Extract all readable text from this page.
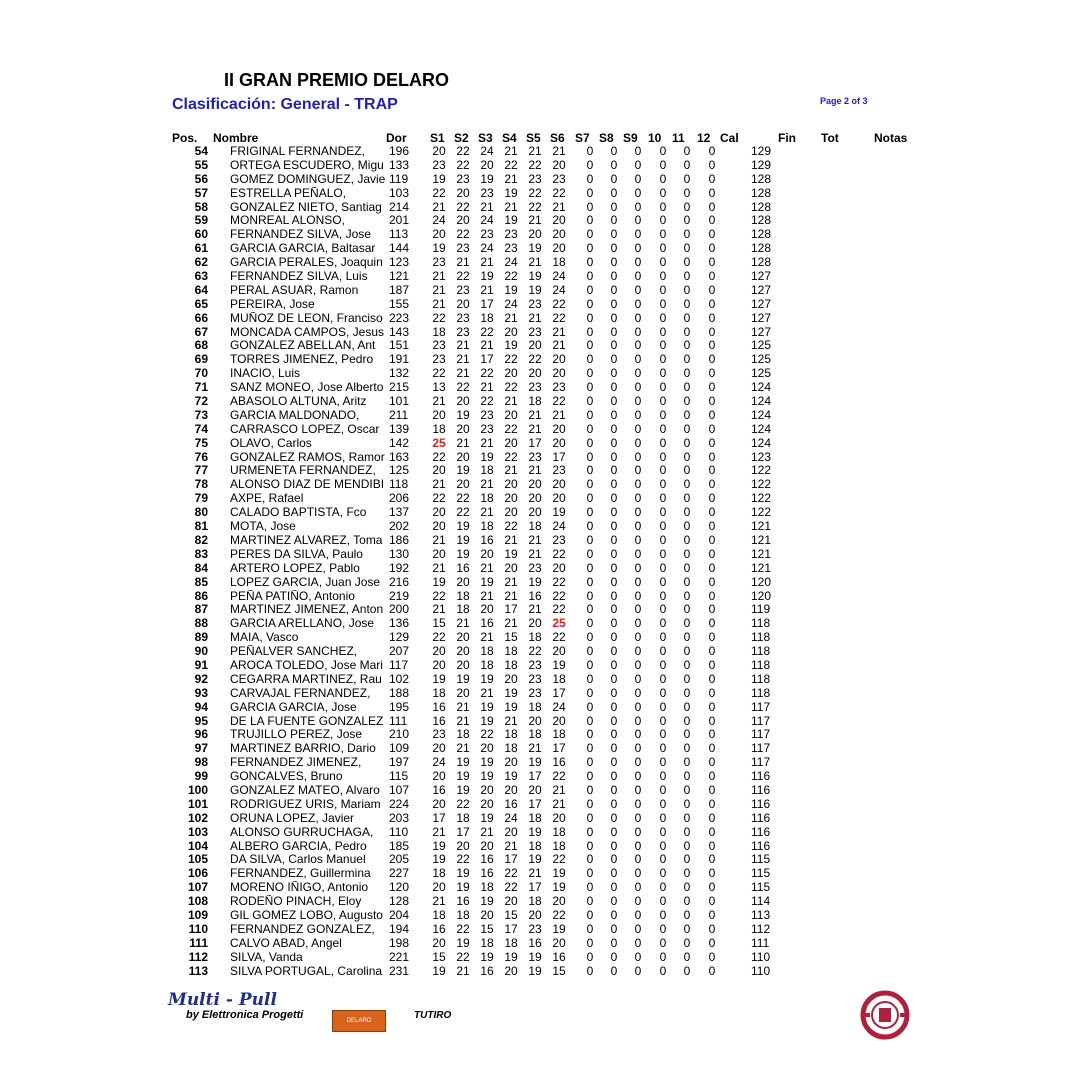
II GRAN PREMIO DELARO
Clasificación: General - TRAP	Page 2 of 3
Pos. Nombre	Dor S1 S2 S3 S4 S5 S6 S7 S8 S9 10 11 12 Cal	Fin Tot	Notas
54 FRIGINAL FERNANDEZ,	196 20 22 24 21 21 21	0	0	0	0	0	0	129
55 ORTEGA ESCUDERO, Migu 133 23 22 20 22 22 20	0	0	0	0	0	0	129
56 GOMEZ DOMINGUEZ, Javie 119 19 23 19 21 23 23	0	0	0	0	0	0	128
57 ESTRELLA PEÑALO,	103 22 20 23 19 22 22	0	0	0	0	0	0	128
58 GONZALEZ NIETO, Santiag 214 21 22 21 21 22 21	0	0	0	0	0	0	128
59 MONREAL ALONSO,	201 24 20 24 19 21 20	0	0	0	0	0	0	128
60 FERNANDEZ SILVA, Jose	113 20 22 23 23 20 20	0	0	0	0	0	0	128
61 GARCIA GARCIA, Baltasar	144 19 23 24 23 19 20	0	0	0	0	0	0	128
62 GARCIA PERALES, Joaquin 123 23 21 21 24 21 18	0	0	0	0	0	0	128
63 FERNANDEZ SILVA, Luis	121 21 22 19 22 19 24	0	0	0	0	0	0	127
64 PERAL ASUAR, Ramon	187 21 23 21 19 19 24	0	0	0	0	0	0	127
65 PEREIRA, Jose	155 21 20 17 24 23 22	0	0	0	0	0	0	127
66 MUÑOZ DE LEON, Franciso 223 22 23 18 21 21 22	0	0	0	0	0	0	127
67 MONCADA CAMPOS, Jesus 143 18 23 22 20 23 21	0	0	0	0	0	0	127
68 GONZALEZ ABELLAN, Ant	151 23 21 21 19 20 21	0	0	0	0	0	0	125
69 TORRES JIMENEZ, Pedro	191 23 21 17 22 22 20	0	0	0	0	0	0	125
70 INACIO, Luis	132 22 21 22 20 20 20	0	0	0	0	0	0	125
71 SANZ MONEO, Jose Alberto 215 13 22 21 22 23 23	0	0	0	0	0	0	124
72 ABASOLO ALTUNA, Aritz	101 21 20 22 21 18 22	0	0	0	0	0	0	124
73 GARCIA MALDONADO,	211 20 19 23 20 21 21	0	0	0	0	0	0	124
74 CARRASCO LOPEZ, Oscar 139 18 20 23 22 21 20	0	0	0	0	0	0	124
75 OLAVO, Carlos	142 25 21 21 20 17 20	0	0	0	0	0	0	124
76 GONZALEZ RAMOS, Ramor 163 22 20 19 22 23 17	0	0	0	0	0	0	123
77 URMENETA FERNANDEZ,	125 20 19 18 21 21 23	0	0	0	0	0	0	122
78 ALONSO DIAZ DE MENDIBI 118 21 20 21 20 20 20	0	0	0	0	0	0	122
79 AXPE, Rafael	206 22 22 18 20 20 20	0	0	0	0	0	0	122
80 CALADO BAPTISTA, Fco	137 20 22 21 20 20 19	0	0	0	0	0	0	122
81 MOTA, Jose	202 20 19 18 22 18 24	0	0	0	0	0	0	121
82 MARTINEZ ALVAREZ, Toma 186 21 19 16 21 21 23	0	0	0	0	0	0	121
83 PERES DA SILVA, Paulo	130 20 19 20 19 21 22	0	0	0	0	0	0	121
84 ARTERO LOPEZ, Pablo	192 21 16 21 20 23 20	0	0	0	0	0	0	121
85 LOPEZ GARCIA, Juan Jose 216 19 20 19 21 19 22	0	0	0	0	0	0	120
86 PEÑA PATIÑO, Antonio	219 22 18 21 21 16 22	0	0	0	0	0	0	120
87 MARTINEZ JIMENEZ, Anton 200 21 18 20 17 21 22	0	0	0	0	0	0	119
88 GARCIA ARELLANO, Jose	136 15 21 16 21 20 25	0	0	0	0	0	0	118
89 MAIA, Vasco	129 22 20 21 15 18 22	0	0	0	0	0	0	118
90 PEÑALVER SANCHEZ,	207 20 20 18 18 22 20	0	0	0	0	0	0	118
91 AROCA TOLEDO, Jose Mari 117 20 20 18 18 23 19	0	0	0	0	0	0	118
92 CEGARRA MARTINEZ, Rau 102 19 19 19 20 23 18	0	0	0	0	0	0	118
93 CARVAJAL FERNANDEZ,	188 18 20 21 19 23 17	0	0	0	0	0	0	118
94 GARCIA GARCIA, Jose	195 16 21 19 19 18 24	0	0	0	0	0	0	117
95 DE LA FUENTE GONZALEZ 111 16 21 19 21 20 20	0	0	0	0	0	0	117
96 TRUJILLO PEREZ, Jose	210 23 18 22 18 18 18	0	0	0	0	0	0	117
97 MARTINEZ BARRIO, Dario	109 20 21 20 18 21 17	0	0	0	0	0	0	117
98 FERNANDEZ JIMENEZ,	197 24 19 19 20 19 16	0	0	0	0	0	0	117
99 GONCALVES, Bruno	115 20 19 19 19 17 22	0	0	0	0	0	0	116
100 GONZALEZ MATEO, Alvaro 107 16 19 20 20 20 21	0	0	0	0	0	0	116
101 RODRIGUEZ URIS, Mariam 224 20 22 20 16 17 21	0	0	0	0	0	0	116
102 ORUNA LOPEZ, Javier	203 17 18 19 24 18 20	0	0	0	0	0	0	116
103 ALONSO GURRUCHAGA,	110 21 17 21 20 19 18	0	0	0	0	0	0	116
104 ALBERO GARCIA, Pedro	185 19 20 20 21 18 18	0	0	0	0	0	0	116
105 DA SILVA, Carlos Manuel	205 19 22 16 17 19 22	0	0	0	0	0	0	115
106 FERNANDEZ, Guillermina	227 18 19 16 22 21 19	0	0	0	0	0	0	115
107 MORENO IÑIGO, Antonio	120 20 19 18 22 17 19	0	0	0	0	0	0	115
108 RODEÑO PINACH, Eloy	128 21 16 19 20 18 20	0	0	0	0	0	0	114
109 GIL GOMEZ LOBO, Augusto 204 18 18 20 15 20 22	0	0	0	0	0	0	113
110 FERNANDEZ GONZALEZ,	194 16 22 15 17 23 19	0	0	0	0	0	0	112
111 CALVO ABAD, Angel	198 20 19 18 18 16 20	0	0	0	0	0	0	111
112 SILVA, Vanda	221 15 22 19 19 19 16	0	0	0	0	0	0	110
113 SILVA PORTUGAL, Carolina 231 19 21 16 20 19 15	0	0	0	0	0	0	110
Multi - Pull
by Elettronica Progetti	DELARO	TUTIRO
